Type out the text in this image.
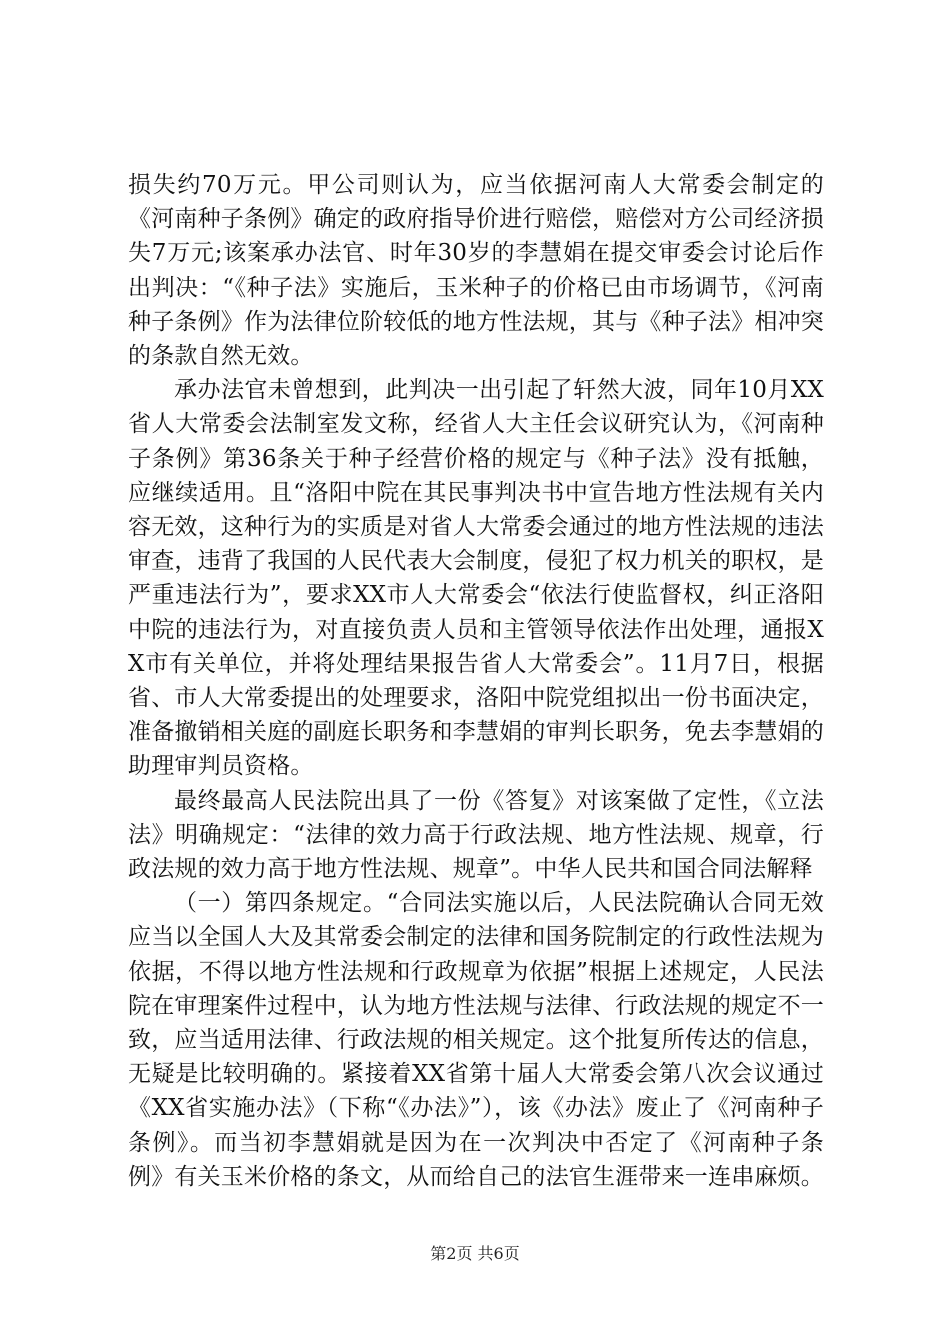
损失约70万元。甲公司则认为，应当依据河南人大常委会制定的《河南种子条例》确定的政府指导价进行赔偿，赔偿对方公司经济损失7万元;该案承办法官、时年30岁的李慧娟在提交审委会讨论后作出判决：“《种子法》实施后，玉米种子的价格已由市场调节，《河南种子条例》作为法律位阶较低的地方性法规，其与《种子法》相冲突的条款自然无效。

承办法官未曾想到，此判决一出引起了轩然大波，同年10月XX省人大常委会法制室发文称，经省人大主任会议研究认为，《河南种子条例》第36条关于种子经营价格的规定与《种子法》没有抵触，应继续适用。且“洛阳中院在其民事判决书中宣告地方性法规有关内容无效，这种行为的实质是对省人大常委会通过的地方性法规的违法审查，违背了我国的人民代表大会制度，侵犯了权力机关的职权，是严重违法行为”，要求XX市人大常委会“依法行使监督权，纠正洛阳中院的违法行为，对直接负责人员和主管领导依法作出处理，通报XX市有关单位，并将处理结果报告省人大常委会”。11月7日，根据省、市人大常委提出的处理要求，洛阳中院党组拟出一份书面决定，准备撤销相关庭的副庭长职务和李慧娟的审判长职务，免去李慧娟的助理审判员资格。

最终最高人民法院出具了一份《答复》对该案做了定性，《立法法》明确规定：“法律的效力高于行政法规、地方性法规、规章，行政法规的效力高于地方性法规、规章”。中华人民共和国合同法解释

（一）第四条规定。“合同法实施以后，人民法院确认合同无效应当以全国人大及其常委会制定的法律和国务院制定的行政性法规为依据，不得以地方性法规和行政规章为依据”根据上述规定，人民法院在审理案件过程中，认为地方性法规与法律、行政法规的规定不一致，应当适用法律、行政法规的相关规定。这个批复所传达的信息，无疑是比较明确的。紧接着XX省第十届人大常委会第八次会议通过《XX省实施办法》（下称“《办法》”），该《办法》废止了《河南种子条例》。而当初李慧娟就是因为在一次判决中否定了《河南种子条例》有关玉米价格的条文，从而给自己的法官生涯带来一连串麻烦。

第2页 共6页
